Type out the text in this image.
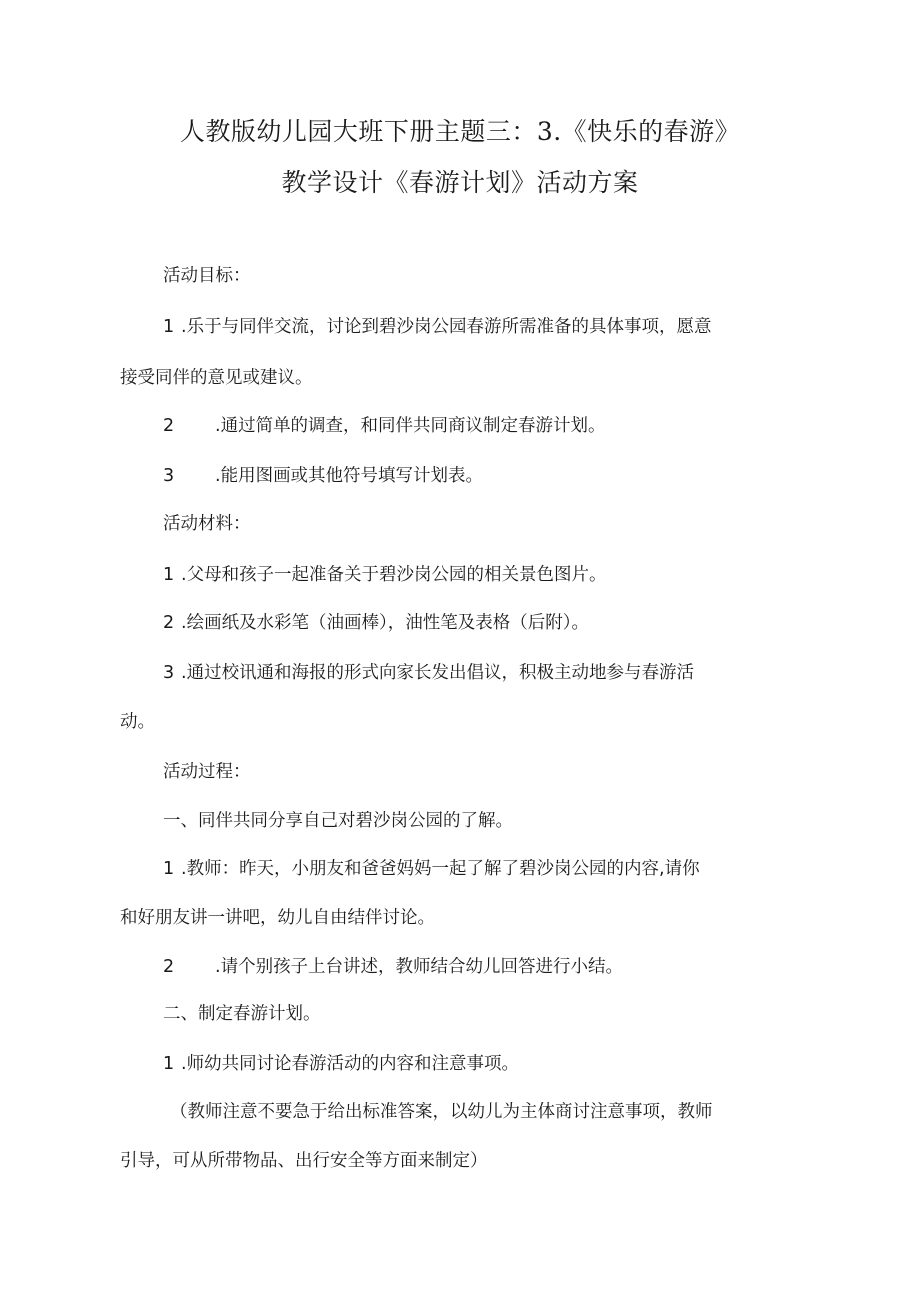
人教版幼儿园大班下册主题三：3.《快乐的春游》
教学设计《春游计划》活动方案
活动目标：
1 .乐于与同伴交流，讨论到碧沙岗公园春游所需准备的具体事项，愿意
接受同伴的意见或建议。
2 .通过简单的调查，和同伴共同商议制定春游计划。
3 .能用图画或其他符号填写计划表。
活动材料：
1 .父母和孩子一起准备关于碧沙岗公园的相关景色图片。
2 .绘画纸及水彩笔（油画棒），油性笔及表格（后附）。
3 .通过校讯通和海报的形式向家长发出倡议，积极主动地参与春游活
动。
活动过程：
一、同伴共同分享自己对碧沙岗公园的了解。
1 .教师：昨天，小朋友和爸爸妈妈一起了解了碧沙岗公园的内容,请你
和好朋友讲一讲吧，幼儿自由结伴讨论。
2 .请个别孩子上台讲述，教师结合幼儿回答进行小结。
二、制定春游计划。
1 .师幼共同讨论春游活动的内容和注意事项。
（教师注意不要急于给出标准答案，以幼儿为主体商讨注意事项，教师
引导，可从所带物品、出行安全等方面来制定）
